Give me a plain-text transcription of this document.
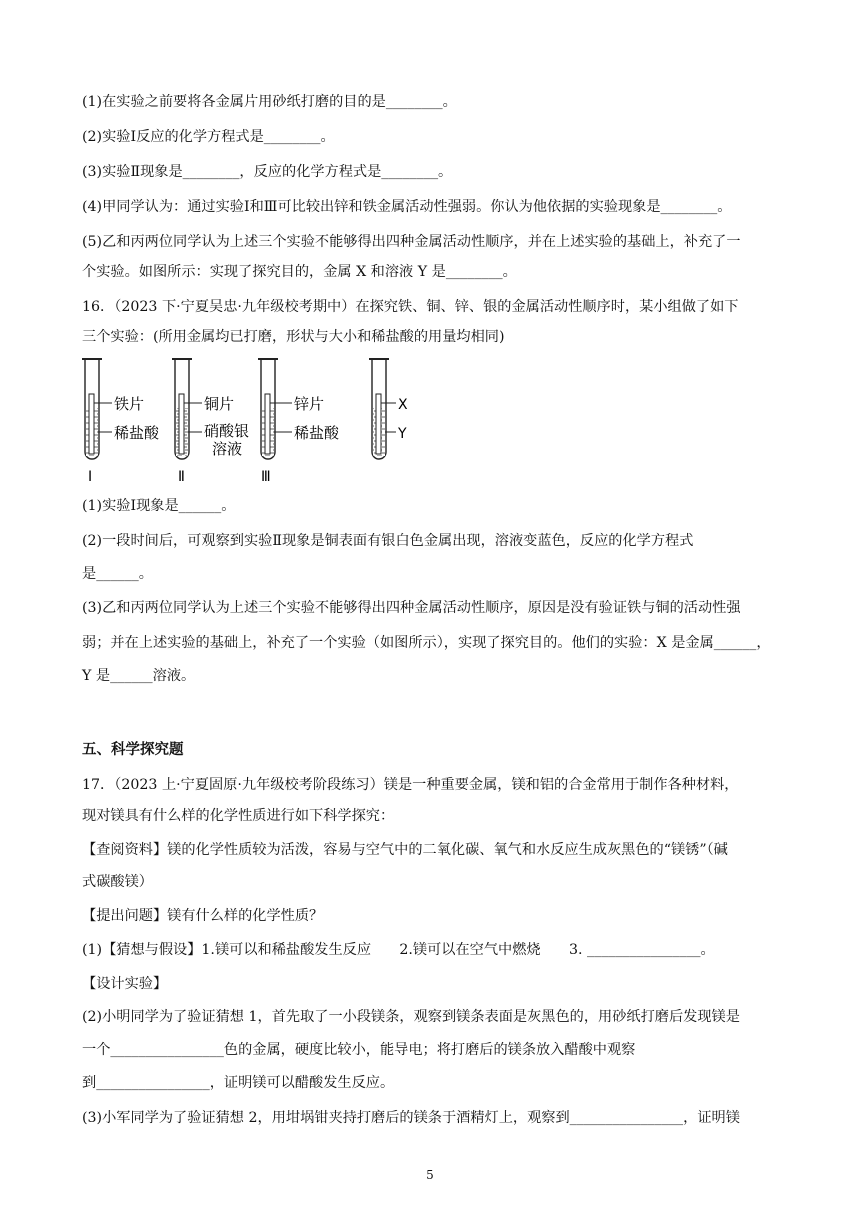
(1)在实验之前要将各金属片用砂纸打磨的目的是________。
(2)实验Ⅰ反应的化学方程式是________。
(3)实验Ⅱ现象是________，反应的化学方程式是________。
(4)甲同学认为：通过实验Ⅰ和Ⅲ可比较出锌和铁金属活动性强弱。你认为他依据的实验现象是________。
(5)乙和丙两位同学认为上述三个实验不能够得出四种金属活动性顺序，并在上述实验的基础上，补充了一
个实验。如图所示：实现了探究目的，金属 X 和溶液 Y 是________。
16．（2023 下·宁夏吴忠·九年级校考期中）在探究铁、铜、锌、银的金属活动性顺序时，某小组做了如下
三个实验：(所用金属均已打磨，形状与大小和稀盐酸的用量均相同)
(1)实验Ⅰ现象是______。
(2)一段时间后，可观察到实验Ⅱ现象是铜表面有银白色金属出现，溶液变蓝色，反应的化学方程式
是______。
(3)乙和丙两位同学认为上述三个实验不能够得出四种金属活动性顺序，原因是没有验证铁与铜的活动性强
弱；并在上述实验的基础上，补充了一个实验（如图所示），实现了探究目的。他们的实验：X 是金属______，
Y 是______溶液。
17．（2023 上·宁夏固原·九年级校考阶段练习）镁是一种重要金属，镁和铝的合金常用于制作各种材料，
现对镁具有什么样的化学性质进行如下科学探究：
【查阅资料】镁的化学性质较为活泼，容易与空气中的二氧化碳、氧气和水反应生成灰黑色的“镁锈”（碱
式碳酸镁）
【提出问题】镁有什么样的化学性质？
(1)【猜想与假设】1.镁可以和稀盐酸发生反应　　2.镁可以在空气中燃烧　　3. ________________。
【设计实验】
(2)小明同学为了验证猜想 1，首先取了一小段镁条，观察到镁条表面是灰黑色的，用砂纸打磨后发现镁是
一个________________色的金属，硬度比较小，能导电；将打磨后的镁条放入醋酸中观察
到________________，证明镁可以醋酸发生反应。
(3)小军同学为了验证猜想 2，用坩埚钳夹持打磨后的镁条于酒精灯上，观察到________________，证明镁
五、科学探究题
铁片
稀盐酸
Ⅰ
铜片
硝酸银
溶液
Ⅱ
锌片
稀盐酸
Ⅲ
X
Y
5
